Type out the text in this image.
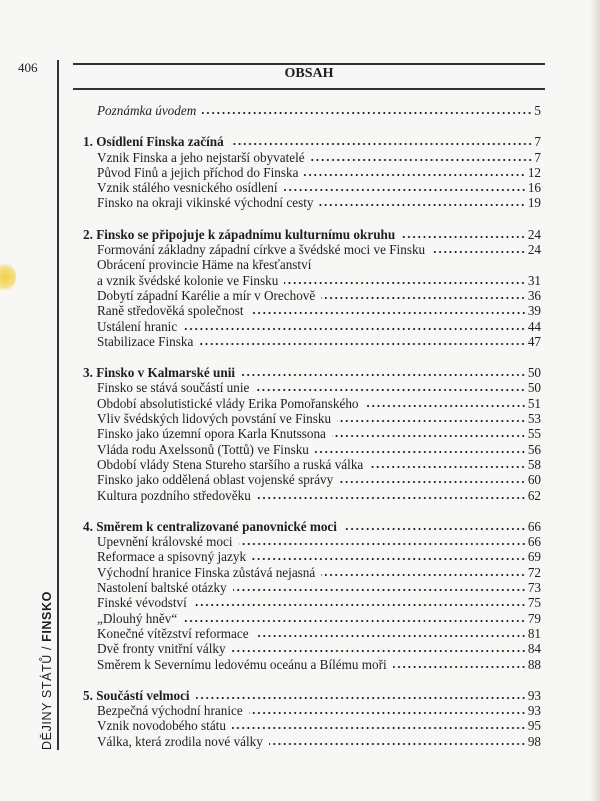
406
DĚJINY STÁTŮ / FINSKO
OBSAH
Poznámka úvodem	5
1. Osídlení Finska začíná	7
Vznik Finska a jeho nejstarší obyvatelé	7
Původ Finů a jejich příchod do Finska	12
Vznik stálého vesnického osídlení	16
Finsko na okraji vikinské východní cesty	19
2. Finsko se připojuje k západnímu kulturnímu okruhu	24
Formování základny západní církve a švédské moci ve Finsku	24
Obrácení provincie Häme na křesťanství
a vznik švédské kolonie ve Finsku	31
Dobytí západní Karélie a mír v Orechově	36
Raně středověká společnost	39
Ustálení hranic	44
Stabilizace Finska	47
3. Finsko v Kalmarské unii	50
Finsko se stává součástí unie	50
Období absolutistické vlády Erika Pomořanského	51
Vliv švédských lidových povstání ve Finsku	53
Finsko jako územní opora Karla Knutssona	55
Vláda rodu Axelssonů (Tottů) ve Finsku	56
Období vlády Stena Stureho staršího a ruská válka	58
Finsko jako oddělená oblast vojenské správy	60
Kultura pozdního středověku	62
4. Směrem k centralizované panovnické moci	66
Upevnění královské moci	66
Reformace a spisovný jazyk	69
Východní hranice Finska zůstává nejasná	72
Nastolení baltské otázky	73
Finské vévodství	75
„Dlouhý hněv“	79
Konečné vítězství reformace	81
Dvě fronty vnitřní války	84
Směrem k Severnímu ledovému oceánu a Bílému moři	88
5. Součástí velmoci	93
Bezpečná východní hranice	93
Vznik novodobého státu	95
Válka, která zrodila nové války	98
